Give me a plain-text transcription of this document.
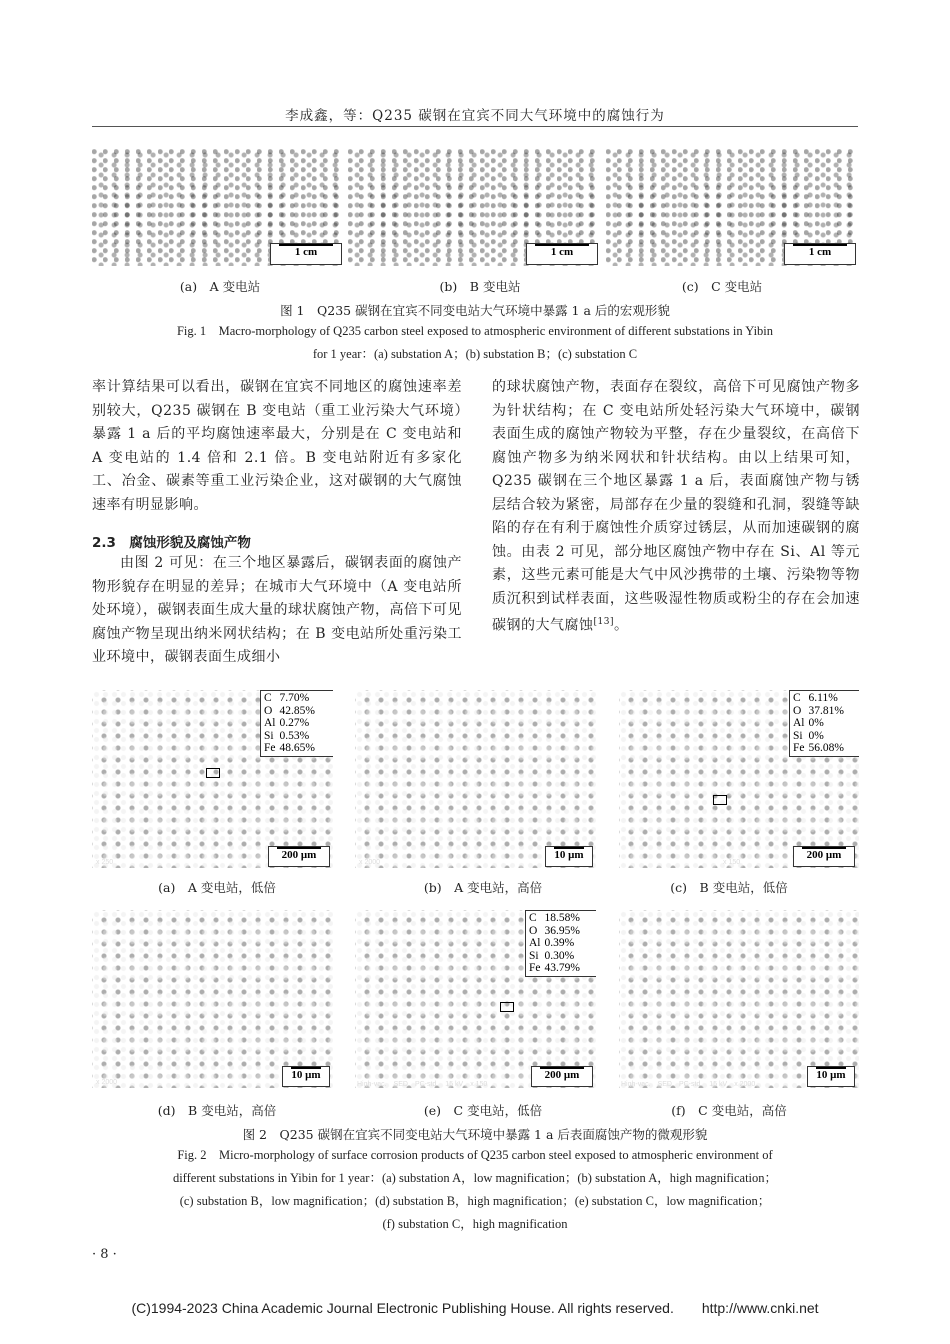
李成鑫，等：Q235 碳钢在宜宾不同大气环境中的腐蚀行为
1 cm	1 cm	1 cm
(a)　A 变电站	(b)　B 变电站	(c)　C 变电站
图 1　Q235 碳钢在宜宾不同变电站大气环境中暴露 1 a 后的宏观形貌
Fig. 1　Macro-morphology of Q235 carbon steel exposed to atmospheric environment of different substations in Yibin
for 1 year：(a) substation A；(b) substation B；(c) substation C
率计算结果可以看出，碳钢在宜宾不同地区的腐蚀速率差别较大，Q235 碳钢在 B 变电站（重工业污染大气环境）暴露 1 a 后的平均腐蚀速率最大，分别是在 C 变电站和 A 变电站的 1.4 倍和 2.1 倍。B 变电站附近有多家化工、冶金、碳素等重工业污染企业，这对碳钢的大气腐蚀速率有明显影响。
2.3　腐蚀形貌及腐蚀产物
由图 2 可见：在三个地区暴露后，碳钢表面的腐蚀产物形貌存在明显的差异；在城市大气环境中（A 变电站所处环境），碳钢表面生成大量的球状腐蚀产物，高倍下可见腐蚀产物呈现出纳米网状结构；在 B 变电站所处重污染工业环境中，碳钢表面生成细小
的球状腐蚀产物，表面存在裂纹，高倍下可见腐蚀产物多为针状结构；在 C 变电站所处轻污染大气环境中，碳钢表面生成的腐蚀产物较为平整，存在少量裂纹，在高倍下腐蚀产物多为纳米网状和针状结构。由以上结果可知，Q235 碳钢在三个地区暴露 1 a 后，表面腐蚀产物与锈层结合较为紧密，局部存在少量的裂缝和孔洞，裂缝等缺陷的存在有利于腐蚀性介质穿过锈层，从而加速碳钢的腐蚀。由表 2 可见，部分地区腐蚀产物中存在 Si、Al 等元素，这些元素可能是大气中风沙携带的土壤、污染物等物质沉积到试样表面，这些吸湿性物质或粉尘的存在会加速碳钢的大气腐蚀[13]。
C	7.70%
O	42.85%
Al	0.27%
Si	0.53%
Fe	48.65%
x 250
200 μm
x 2000
10 μm
C	6.11%
O	37.81%
Al	0%
Si	0%
Fe	56.08%
x 150
200 μm
(a)　A 变电站，低倍	(b)　A 变电站，高倍	(c)　B 变电站，低倍
x 2000
10 μm
C	18.58%
O	36.95%
Al	0.39%
Si	0.30%
Fe	43.79%
High-vac.　SED　PC-std.　15 kV　x 150
200 μm
High-vac.　SED　PC-std.　15 kV　x 2000
10 μm
(d)　B 变电站，高倍	(e)　C 变电站，低倍	(f)　C 变电站，高倍
图 2　Q235 碳钢在宜宾不同变电站大气环境中暴露 1 a 后表面腐蚀产物的微观形貌
Fig. 2　Micro-morphology of surface corrosion products of Q235 carbon steel exposed to atmospheric environment of
different substations in Yibin for 1 year：(a) substation A，low magnification；(b) substation A，high magnification；
(c) substation B，low magnification；(d) substation B，high magnification；(e) substation C，low magnification；
(f) substation C，high magnification
· 8 ·
(C)1994-2023 China Academic Journal Electronic Publishing House. All rights reserved.　　http://www.cnki.net
